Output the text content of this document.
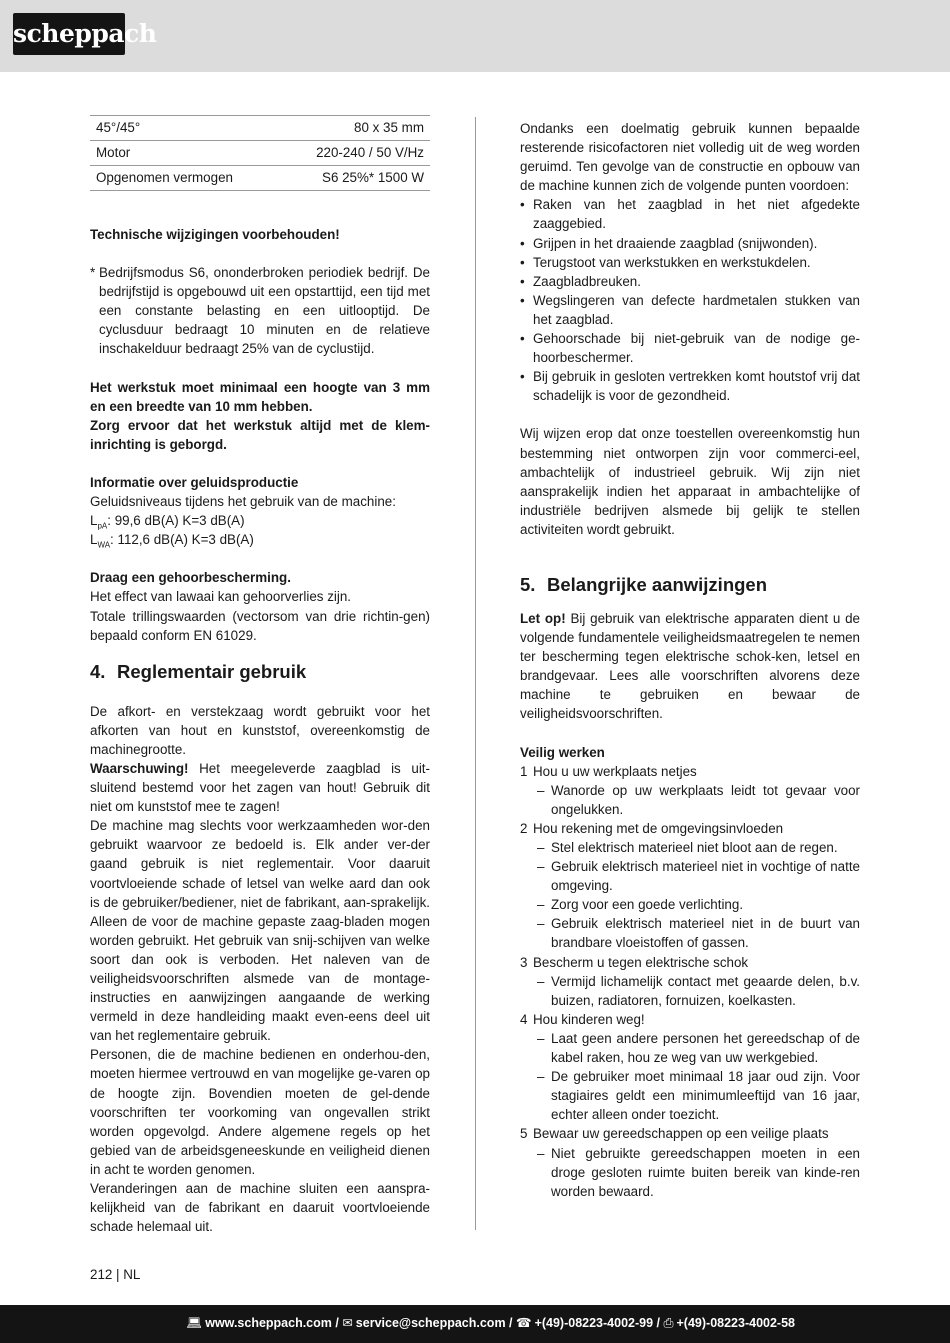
scheppach
45°/45°	80 x 35 mm
Motor	220-240 / 50 V/Hz
Opgenomen vermogen	S6 25%* 1500 W

Technische wijzigingen voorbehouden!

* Bedrijfsmodus S6, ononderbroken periodiek bedrijf. De bedrijfstijd is opgebouwd uit een opstarttijd, een tijd met een constante belasting en een uitlooptijd. De cyclusduur bedraagt 10 minuten en de relatieve inschakelduur bedraagt 25% van de cyclustijd.

Het werkstuk moet minimaal een hoogte van 3 mm en een breedte van 10 mm hebben.

Zorg ervoor dat het werkstuk altijd met de klem-inrichting is geborgd.

Informatie over geluidsproductie

Geluidsniveaus tijdens het gebruik van de machine:

$L_{pA}$: 99,6 dB(A) K=3 dB(A)

$L_{WA}$: 112,6 dB(A) K=3 dB(A)

Draag een gehoorbescherming.

Het effect van lawaai kan gehoorverlies zijn.

Totale trillingswaarden (vectorsom van drie richtin-gen) bepaald conform EN 61029.

4. Reglementair gebruik

De afkort- en verstekzaag wordt gebruikt voor het afkorten van hout en kunststof, overeenkomstig de machinegrootte.

Waarschuwing! Het meegeleverde zaagblad is uit-sluitend bestemd voor het zagen van hout! Gebruik dit niet om kunststof mee te zagen!

De machine mag slechts voor werkzaamheden wor-den gebruikt waarvoor ze bedoeld is. Elk ander ver-der gaand gebruik is niet reglementair. Voor daaruit voortvloeiende schade of letsel van welke aard dan ook is de gebruiker/bediener, niet de fabrikant, aan-sprakelijk. Alleen de voor de machine gepaste zaag-bladen mogen worden gebruikt. Het gebruik van snij-schijven van welke soort dan ook is verboden. Het naleven van de veiligheidsvoorschriften alsmede van de montage-instructies en aanwijzingen aangaande de werking vermeld in deze handleiding maakt even-eens deel uit van het reglementaire gebruik.

Personen, die de machine bedienen en onderhou-den, moeten hiermee vertrouwd en van mogelijke ge-varen op de hoogte zijn. Bovendien moeten de gel-dende voorschriften ter voorkoming van ongevallen strikt worden opgevolgd. Andere algemene regels op het gebied van de arbeidsgeneeskunde en veiligheid dienen in acht te worden genomen.

Veranderingen aan de machine sluiten een aanspra-kelijkheid van de fabrikant en daaruit voortvloeiende schade helemaal uit.

Ondanks een doelmatig gebruik kunnen bepaalde resterende risicofactoren niet volledig uit de weg worden geruimd. Ten gevolge van de constructie en opbouw van de machine kunnen zich de volgende punten voordoen:

• Raken van het zaagblad in het niet afgedekte zaaggebied.
• Grijpen in het draaiende zaagblad (snijwonden).
• Terugstoot van werkstukken en werkstukdelen.
• Zaagbladbreuken.
• Wegslingeren van defecte hardmetalen stukken van het zaagblad.
• Gehoorschade bij niet-gebruik van de nodige ge-hoorbeschermer.
• Bij gebruik in gesloten vertrekken komt houtstof vrij dat schadelijk is voor de gezondheid.

Wij wijzen erop dat onze toestellen overeenkomstig hun bestemming niet ontworpen zijn voor commerci-eel, ambachtelijk of industrieel gebruik. Wij zijn niet aansprakelijk indien het apparaat in ambachtelijke of industriële bedrijven alsmede bij gelijk te stellen activiteiten wordt gebruikt.

5. Belangrijke aanwijzingen

Let op! Bij gebruik van elektrische apparaten dient u de volgende fundamentele veiligheidsmaatregelen te nemen ter bescherming tegen elektrische schok-ken, letsel en brandgevaar. Lees alle voorschriften alvorens deze machine te gebruiken en bewaar de veiligheidsvoorschriften.

Veilig werken

1 Hou u uw werkplaats netjes
– Wanorde op uw werkplaats leidt tot gevaar voor ongelukken.
2 Hou rekening met de omgevingsinvloeden
– Stel elektrisch materieel niet bloot aan de regen.
– Gebruik elektrisch materieel niet in vochtige of natte omgeving.
– Zorg voor een goede verlichting.
– Gebruik elektrisch materieel niet in de buurt van brandbare vloeistoffen of gassen.
3 Bescherm u tegen elektrische schok
– Vermijd lichamelijk contact met geaarde delen, b.v. buizen, radiatoren, fornuizen, koelkasten.
4 Hou kinderen weg!
– Laat geen andere personen het gereedschap of de kabel raken, hou ze weg van uw werkgebied.
– De gebruiker moet minimaal 18 jaar oud zijn. Voor stagiaires geldt een minimumleeftijd van 16 jaar, echter alleen onder toezicht.
5 Bewaar uw gereedschappen op een veilige plaats
– Niet gebruikte gereedschappen moeten in een droge gesloten ruimte buiten bereik van kinde-ren worden bewaard.
212 | NL
💻︎ www.scheppach.com / ✉︎ service@scheppach.com / ☎︎ +(49)-08223-4002-99 / ⎙ +(49)-08223-4002-58
